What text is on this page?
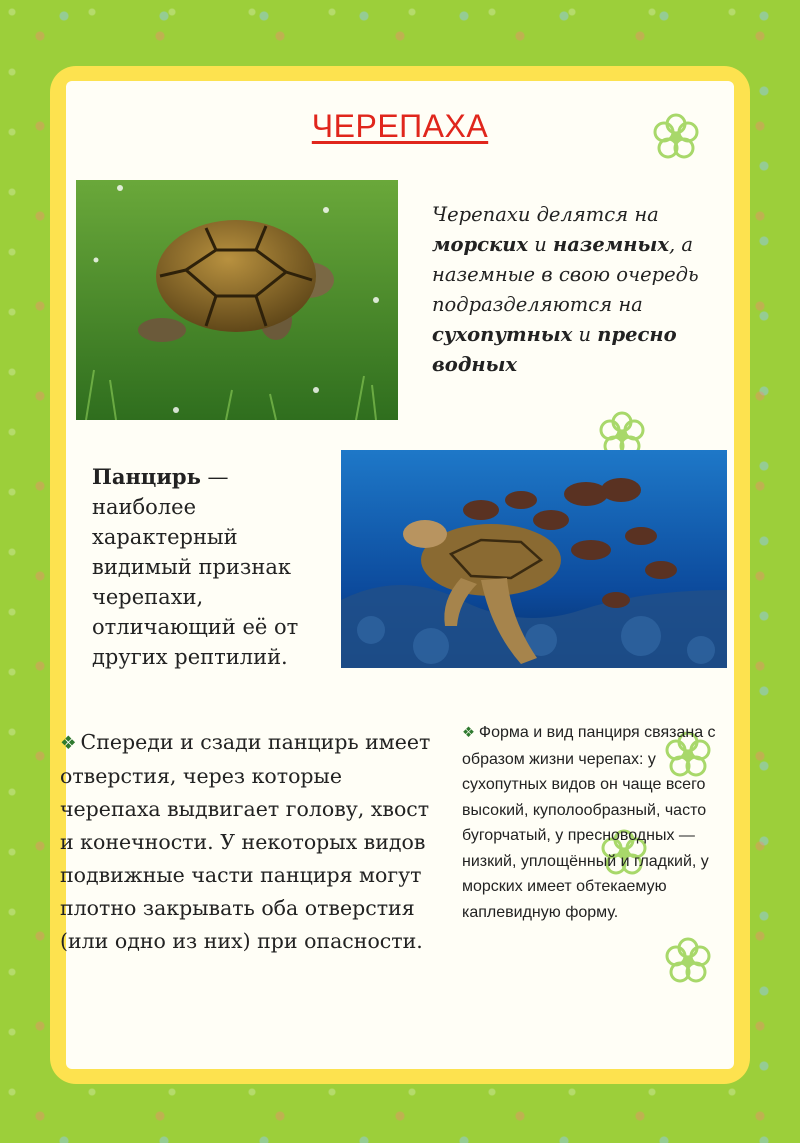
ЧЕРЕПАХА
Черепахи делятся на морских и наземных, а наземные в свою очередь подразделяются на сухопутных и пресно водных
Панцирь — наиболее характерный видимый признак черепахи, отличающий её от других рептилий.
❖ Спереди и сзади панцирь имеет отверстия, через которые черепаха выдвигает голову, хвост и конечности. У некоторых видов подвижные части панциря могут плотно закрывать оба отверстия (или одно из них) при опасности.
❖ Форма и вид панциря связана с образом жизни черепах: у сухопутных видов он чаще всего высокий, куполообразный, часто бугорчатый, у пресноводных — низкий, уплощённый и гладкий, у морских имеет обтекаемую каплевидную форму.
